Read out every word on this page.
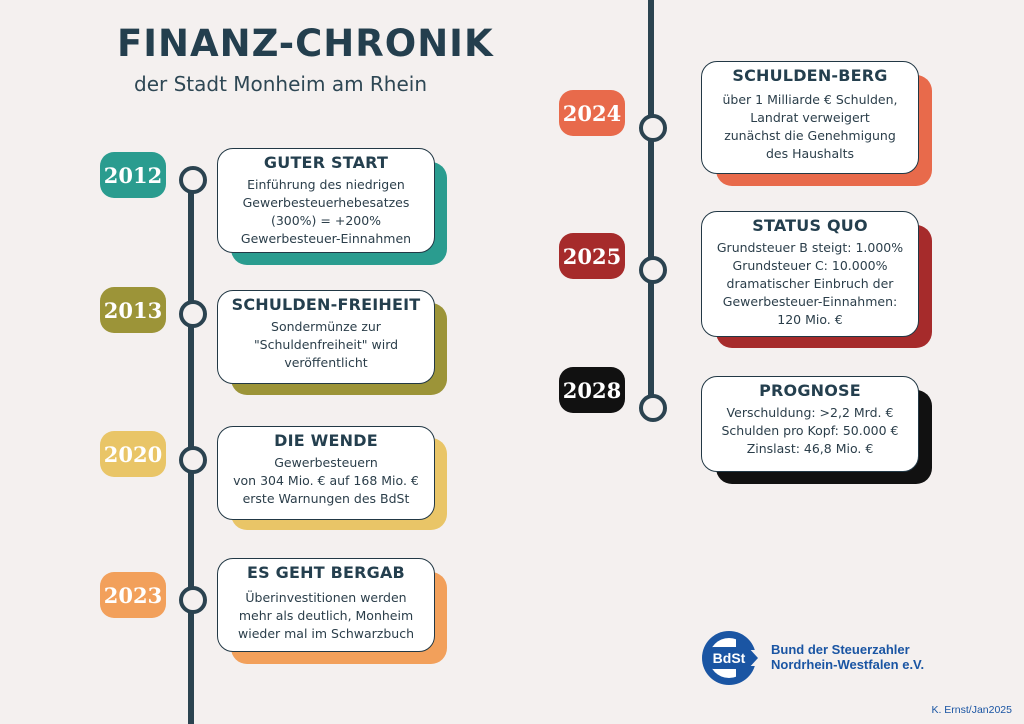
FINANZ-CHRONIK
der Stadt Monheim am Rhein
2012	GUTER START
Einführung des niedrigen
Gewerbesteuerhebesatzes
(300%) = +200%
Gewerbesteuer-Einnahmen
2013	SCHULDEN-FREIHEIT
Sondermünze zur
"Schuldenfreiheit" wird
veröffentlicht
2020
DIE WENDE
Gewerbesteuern
von 304 Mio. € auf 168 Mio. €
erste Warnungen des BdSt
2023
ES GEHT BERGAB
Überinvestitionen werden
mehr als deutlich, Monheim
wieder mal im Schwarzbuch
2024
SCHULDEN-BERG
über 1 Milliarde € Schulden,
Landrat verweigert
zunächst die Genehmigung
des Haushalts
2025
STATUS QUO
Grundsteuer B steigt: 1.000%
Grundsteuer C: 10.000%
dramatischer Einbruch der
Gewerbesteuer-Einnahmen:
120 Mio. €
2028	PROGNOSE
Verschuldung: >2,2 Mrd. €
Schulden pro Kopf: 50.000 €
Zinslast: 46,8 Mio. €
BdSt
Bund der Steuerzahler
Nordrhein-Westfalen e.V.
K. Ernst/Jan2025
